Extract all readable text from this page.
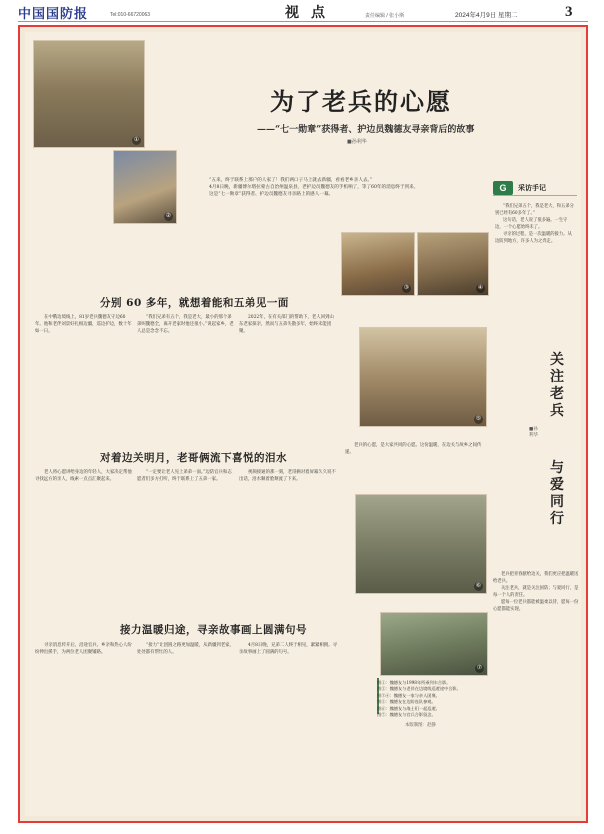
中国国防报	Tel:010-66720063	视点	责任编辑 / 张小斯	2024年4月9日 星期二	3
①
②
为了老兵的心愿
——“七一勋章”获得者、护边员魏德友寻亲背后的故事
■孙利华

“五来，终于联系上那户的人家了！我们两口子马上就去新疆，看看老乡亲人去。”

4月8日晚，新疆博尔塔拉蒙古自治州温泉县，老护边员魏德友的手机响了，等了60年的消息终于到来。

这是“七一勋章”获得者、护边员魏德友寻亲路上的感人一幕。

G	采访手记

“我们兄弟五个，我是老大，和五弟分别已经有60多年了。”

这句话，老人说了很多遍。一生守边，一个心愿始终未了。

寻亲的过程，是一次温暖的接力。从边防到地方，许多人为之奔走。

关注老兵
■孙利华
与爱同行

老兵把青春献给边关，我们更应把温暖送给老兵。

关注老兵，就是关注国防；与爱同行，是每一个人的责任。

愿每一位老兵都能被温柔以待，愿每一份心愿都能实现。

③	④
⑤
⑥
⑦
分别 60 多年，就想着能和五弟见一面
对着边关明月，老哥俩流下喜悦的泪水
接力温暖归途，寻亲故事画上圆满句号

在中俄边境线上，81岁老兵魏德友守边60年。他和老伴刘景好扎根边疆，巡边护边，数十年如一日。

“我们兄弟有五个，我是老大，最小的那个弟弟叫魏德全，离开老家时他还很小。”说起家乡，老人总是念念不忘。

2022年，在有关部门的帮助下，老人回到山东老家探亲，然而与五弟失散多年，始终未能团聚。

老人将心愿讲给身边的年轻人，大家决定帮他寻找远方的亲人，线索一点点汇聚起来。

“一定要让老人见上弟弟一面。”边防官兵和志愿者们多方打听，终于联系上了五弟一家。

视频接通的那一刻，老哥俩对着屏幕久久说不出话，泪水顺着脸颊流了下来。

寻亲消息传开后，沿途官兵、乡亲和热心人纷纷伸出援手，为两位老人团聚铺路。

“接力”让团圆之路更加温暖，从新疆到老家，处处都有帮忙的人。

4月8日晚，兄弟二人终于相见，紧紧相拥。寻亲故事画上了圆满的句号。

老兵的心愿，是大家共同的心愿。这份温暖，在边关与故乡之间传递。

图①：魏德友与1998年所乘列车合影。

图②：魏德友与老伴在边境线巡逻途中合影。

图③④：魏德友一家与亲人团聚。

图⑤：魏德友在边防连队参观。

图⑥：魏德友与战士们一起巡逻。

图⑦：魏德友与官兵合影留念。

本版制图：赵静
